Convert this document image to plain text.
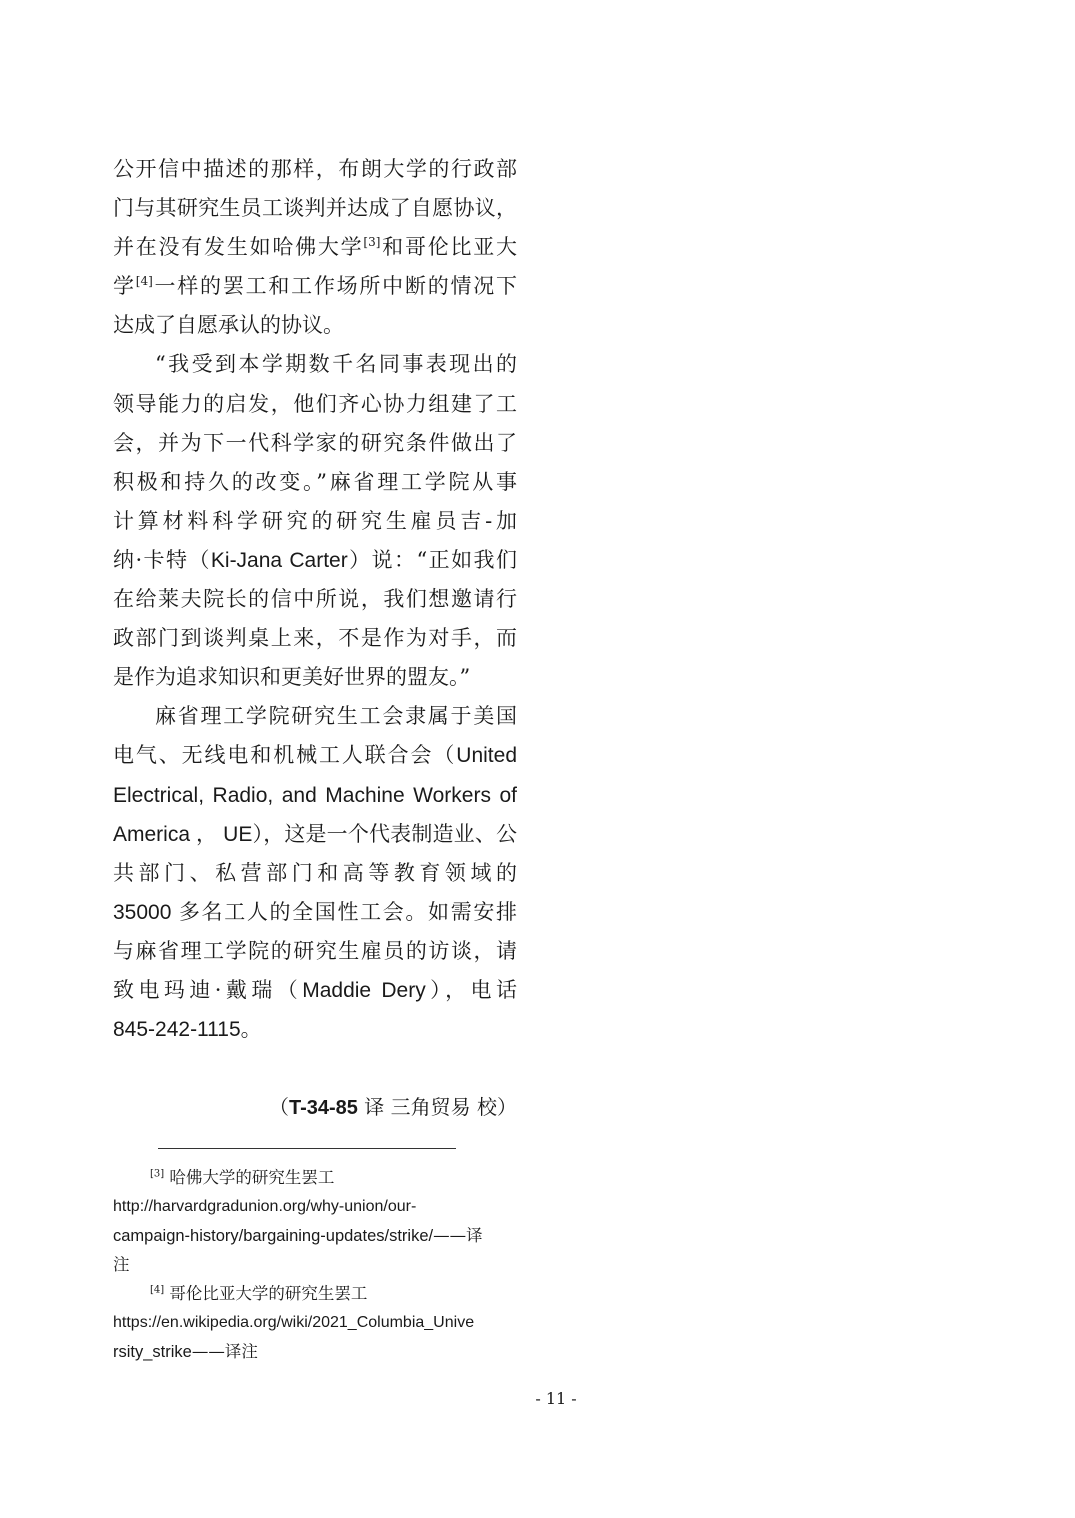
公开信中描述的那样，布朗大学的行政部
门与其研究生员工谈判并达成了自愿协议，
并在没有发生如哈佛大学[3]和哥伦比亚大
学[4]一样的罢工和工作场所中断的情况下
达成了自愿承认的协议。
“我受到本学期数千名同事表现出的
领导能力的启发，他们齐心协力组建了工
会，并为下一代科学家的研究条件做出了
积极和持久的改变。”麻省理工学院从事
计算材料科学研究的研究生雇员吉-加
纳·卡特（Ki-Jana Carter）说：“正如我们
在给莱夫院长的信中所说，我们想邀请行
政部门到谈判桌上来，不是作为对手，而
是作为追求知识和更美好世界的盟友。”
麻省理工学院研究生工会隶属于美国
电气、无线电和机械工人联合会（United
Electrical, Radio, and Machine Workers of
America ， UE），这是一个代表制造业、公
共部门、私营部门和高等教育领域的
35000 多名工人的全国性工会。如需安排
与麻省理工学院的研究生雇员的访谈，请
致电玛迪·戴瑞（Maddie Dery），电话
845-242-1115。
（T-34-85 译 三角贸易 校）
[3] 哈佛大学的研究生罢工
http://harvardgradunion.org/why-union/our-
campaign-history/bargaining-updates/strike/——译
注
[4] 哥伦比亚大学的研究生罢工
https://en.wikipedia.org/wiki/2021_Columbia_Unive
rsity_strike——译注
- 11 -
